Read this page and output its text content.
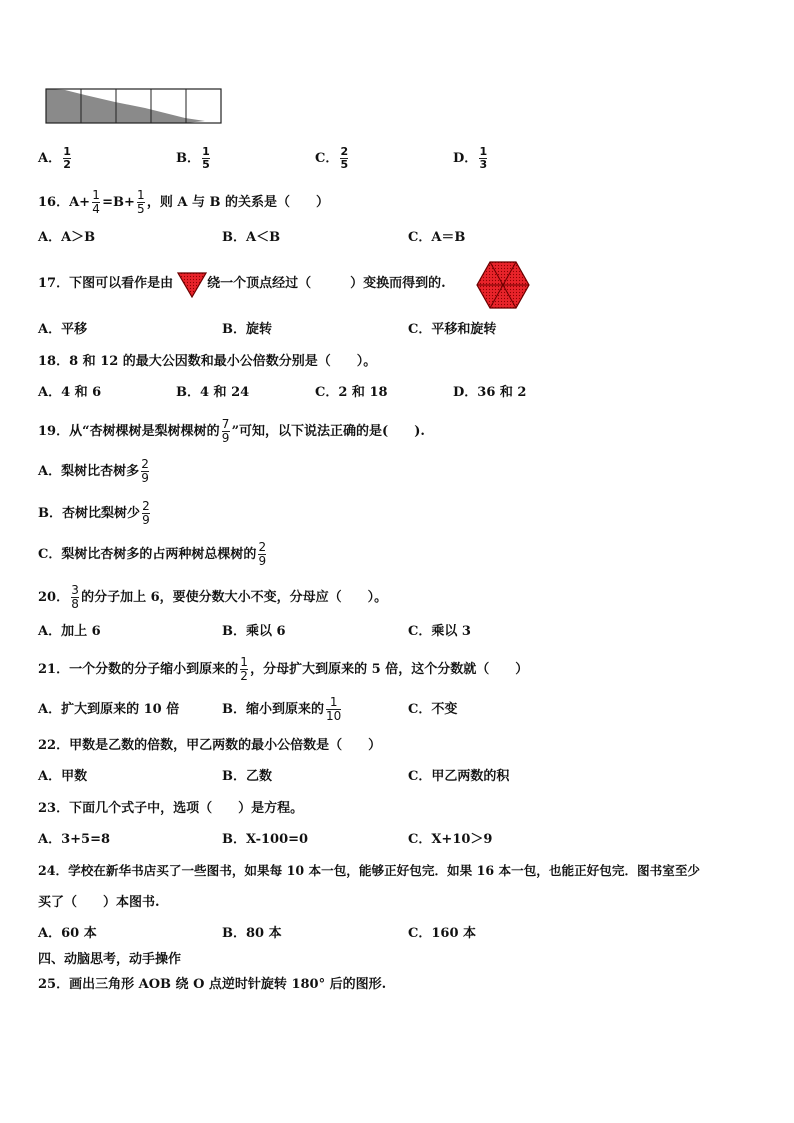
A． $\frac{1}{2}$	B． $\frac{1}{5}$	C． $\frac{2}{5}$	D． $\frac{1}{3}$
16．$A+ \frac{1}{4} =B+ \frac{1}{5}$ ，则 A 与 B 的关系是（　　）
A．A＞B	B．A＜B	C．A＝B
17．下图可以看作是由	绕一个顶点经过（　　　）变换而得到的.
A．平移	B．旋转	C．平移和旋转
18．8 和 12 的最大公因数和最小公倍数分别是（　　）。
A．4 和 6	B．4 和 24	C．2 和 18	D．36 和 2
19．从“杏树棵树是梨树棵树的 $\frac{7}{9}$ ”可知，以下说法正确的是(　　).
A．梨树比杏树多 $\frac{2}{9}$
B．杏树比梨树少 $\frac{2}{9}$
C．梨树比杏树多的占两种树总棵树的 $\frac{2}{9}$
20． $\frac{3}{8}$ 的分子加上 6，要使分数大小不变，分母应（　　）。
A．加上 6	B．乘以 6	C．乘以 3
21．一个分数的分子缩小到原来的 $\frac{1}{2}$ ，分母扩大到原来的 5 倍，这个分数就（　　）
A．扩大到原来的 10 倍	B．缩小到原来的 $\frac{1}{10}$	C．不变
22．甲数是乙数的倍数，甲乙两数的最小公倍数是（　　）
A．甲数	B．乙数	C．甲乙两数的积
23．下面几个式子中，选项（　　）是方程。
A．3+5=8	B．X-100=0	C．X+10＞9
24．学校在新华书店买了一些图书，如果每 10 本一包，能够正好包完．如果 16 本一包，也能正好包完．图书室至少
买了（　　）本图书.
A．60 本	B．80 本	C．160 本
四、动脑思考，动手操作
25．画出三角形 AOB 绕 O 点逆时针旋转 180° 后的图形.
